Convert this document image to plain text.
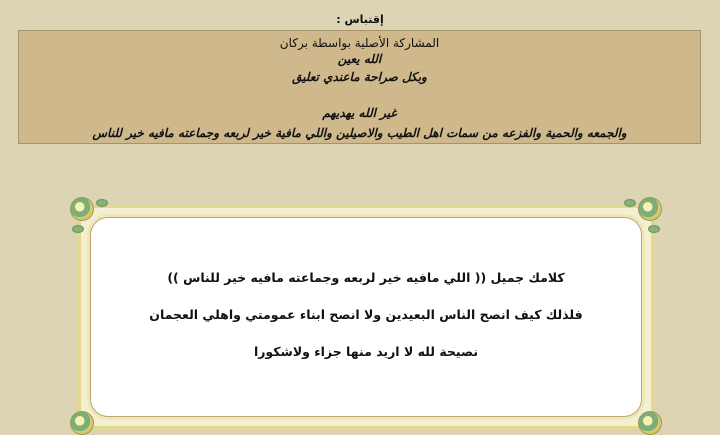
إقتباس :
المشاركة الأصلية بواسطة بركان
الله يعين
وبكل صراحة ماعندي تعليق
غير الله يهديهم
والجمعه والحمية والفزعه من سمات اهل الطيب والاصيلين واللي مافية خير لربعه وجماعته مافيه خير للناس
كلامك جميل (( اللي مافيه خير لربعه وجماعته مافيه خير للناس ))
فلذلك كيف انصح الناس البعيدين ولا انصح ابناء عمومتي واهلي العجمان
نصيحة لله لا اريد منها جزاء ولاشكورا
